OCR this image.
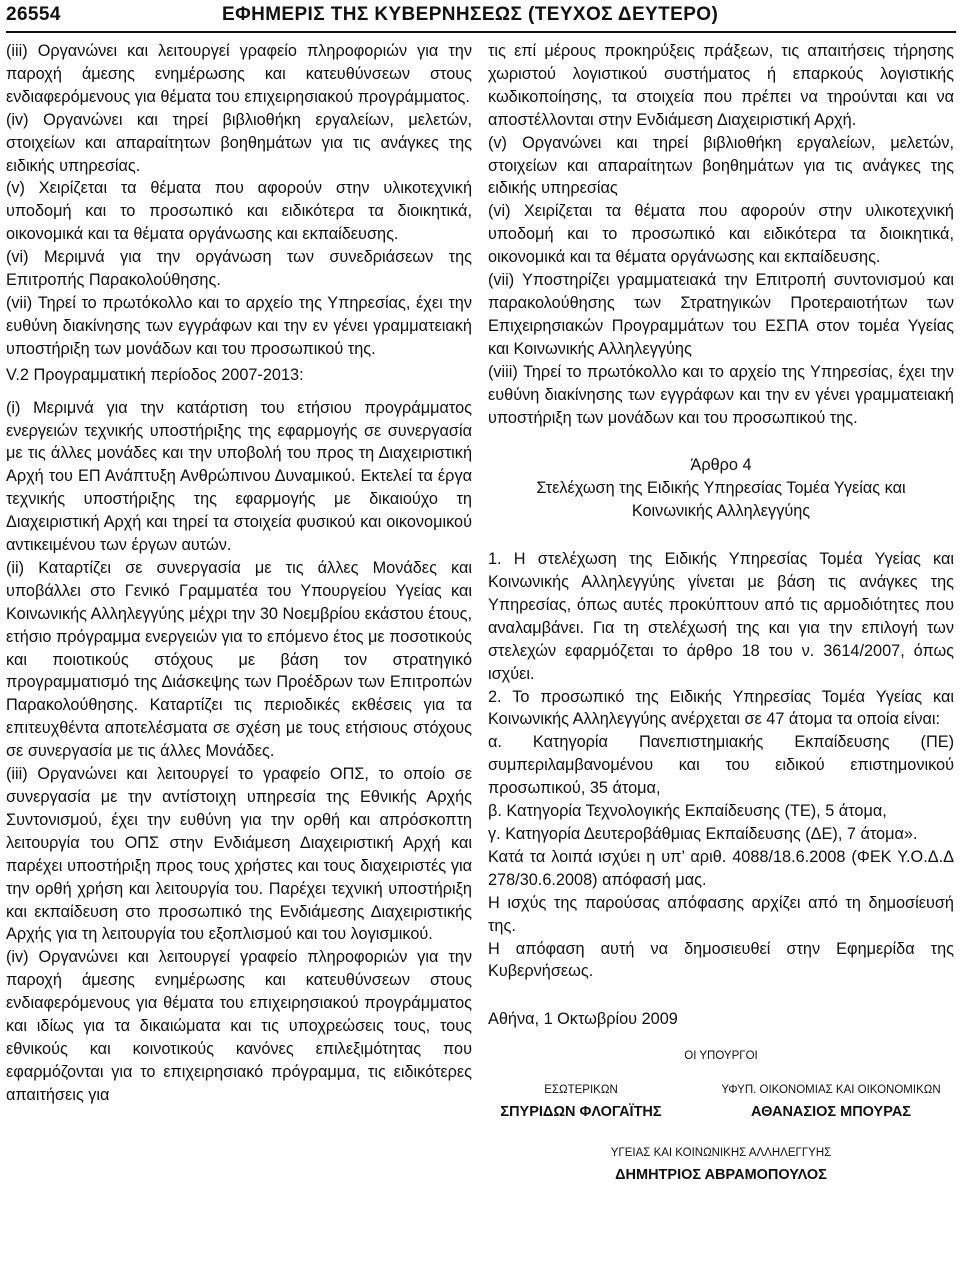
26554	ΕΦΗΜΕΡΙΣ ΤΗΣ ΚΥΒΕΡΝΗΣΕΩΣ (ΤΕΥΧΟΣ ΔΕΥΤΕΡΟ)

(iii) Οργανώνει και λειτουργεί γραφείο πληροφοριών για την παροχή άμεσης ενημέρωσης και κατευθύνσεων στους ενδιαφερόμενους για θέματα του επιχειρησιακού προγράμματος.

(iv) Οργανώνει και τηρεί βιβλιοθήκη εργαλείων, μελετών, στοιχείων και απαραίτητων βοηθημάτων για τις ανάγκες της ειδικής υπηρεσίας.

(v) Χειρίζεται τα θέματα που αφορούν στην υλικοτεχνική υποδομή και το προσωπικό και ειδικότερα τα διοικητικά, οικονομικά και τα θέματα οργάνωσης και εκπαίδευσης.

(vi) Μεριμνά για την οργάνωση των συνεδριάσεων της Επιτροπής Παρακολούθησης.

(vii) Τηρεί το πρωτόκολλο και το αρχείο της Υπηρεσίας, έχει την ευθύνη διακίνησης των εγγράφων και την εν γένει γραμματειακή υποστήριξη των μονάδων και του προσωπικού της.

V.2 Προγραμματική περίοδος 2007-2013:

(i) Μεριμνά για την κατάρτιση του ετήσιου προγράμματος ενεργειών τεχνικής υποστήριξης της εφαρμογής σε συνεργασία με τις άλλες μονάδες και την υποβολή του προς τη Διαχειριστική Αρχή του ΕΠ Ανάπτυξη Ανθρώπινου Δυναμικού. Εκτελεί τα έργα τεχνικής υποστήριξης της εφαρμογής με δικαιούχο τη Διαχειριστική Αρχή και τηρεί τα στοιχεία φυσικού και οικονομικού αντικειμένου των έργων αυτών.

(ii) Καταρτίζει σε συνεργασία με τις άλλες Μονάδες και υποβάλλει στο Γενικό Γραμματέα του Υπουργείου Υγείας και Κοινωνικής Αλληλεγγύης μέχρι την 30 Νοεμβρίου εκάστου έτους, ετήσιο πρόγραμμα ενεργειών για το επόμενο έτος με ποσοτικούς και ποιοτικούς στόχους με βάση τον στρατηγικό προγραμματισμό της Διάσκεψης των Προέδρων των Επιτροπών Παρακολούθησης. Καταρτίζει τις περιοδικές εκθέσεις για τα επιτευχθέντα αποτελέσματα σε σχέση με τους ετήσιους στόχους σε συνεργασία με τις άλλες Μονάδες.

(iii) Οργανώνει και λειτουργεί το γραφείο ΟΠΣ, το οποίο σε συνεργασία με την αντίστοιχη υπηρεσία της Εθνικής Αρχής Συντονισμού, έχει την ευθύνη για την ορθή και απρόσκοπτη λειτουργία του ΟΠΣ στην Ενδιάμεση Διαχειριστική Αρχή και παρέχει υποστήριξη προς τους χρήστες και τους διαχειριστές για την ορθή χρήση και λειτουργία του. Παρέχει τεχνική υποστήριξη και εκπαίδευση στο προσωπικό της Ενδιάμεσης Διαχειριστικής Αρχής για τη λειτουργία του εξοπλισμού και του λογισμικού.

(iv) Οργανώνει και λειτουργεί γραφείο πληροφοριών για την παροχή άμεσης ενημέρωσης και κατευθύνσεων στους ενδιαφερόμενους για θέματα του επιχειρησιακού προγράμματος και ιδίως για τα δικαιώματα και τις υποχρεώσεις τους, τους εθνικούς και κοινοτικούς κανόνες επιλεξιμότητας που εφαρμόζονται για το επιχειρησιακό πρόγραμμα, τις ειδικότερες απαιτήσεις για

τις επί μέρους προκηρύξεις πράξεων, τις απαιτήσεις τήρησης χωριστού λογιστικού συστήματος ή επαρκούς λογιστικής κωδικοποίησης, τα στοιχεία που πρέπει να τηρούνται και να αποστέλλονται στην Ενδιάμεση Διαχειριστική Αρχή.

(v) Οργανώνει και τηρεί βιβλιοθήκη εργαλείων, μελετών, στοιχείων και απαραίτητων βοηθημάτων για τις ανάγκες της ειδικής υπηρεσίας

(vi) Χειρίζεται τα θέματα που αφορούν στην υλικοτεχνική υποδομή και το προσωπικό και ειδικότερα τα διοικητικά, οικονομικά και τα θέματα οργάνωσης και εκπαίδευσης.

(vii) Υποστηρίζει γραμματειακά την Επιτροπή συντονισμού και παρακολούθησης των Στρατηγικών Προτεραιοτήτων των Επιχειρησιακών Προγραμμάτων του ΕΣΠΑ στον τομέα Υγείας και Κοινωνικής Αλληλεγγύης

(viii) Τηρεί το πρωτόκολλο και το αρχείο της Υπηρεσίας, έχει την ευθύνη διακίνησης των εγγράφων και την εν γένει γραμματειακή υποστήριξη των μονάδων και του προσωπικού της.

Άρθρο 4

Στελέχωση της Ειδικής Υπηρεσίας Τομέα Υγείας και

Κοινωνικής Αλληλεγγύης

1. Η στελέχωση της Ειδικής Υπηρεσίας Τομέα Υγείας και Κοινωνικής Αλληλεγγύης γίνεται με βάση τις ανάγκες της Υπηρεσίας, όπως αυτές προκύπτουν από τις αρμοδιότητες που αναλαμβάνει. Για τη στελέχωσή της και για την επιλογή των στελεχών εφαρμόζεται το άρθρο 18 του ν. 3614/2007, όπως ισχύει.

2. Το προσωπικό της Ειδικής Υπηρεσίας Τομέα Υγείας και Κοινωνικής Αλληλεγγύης ανέρχεται σε 47 άτομα τα οποία είναι:

α. Κατηγορία Πανεπιστημιακής Εκπαίδευσης (ΠΕ) συμπεριλαμβανομένου και του ειδικού επιστημονικού προσωπικού, 35 άτομα,

β. Κατηγορία Τεχνολογικής Εκπαίδευσης (ΤΕ), 5 άτομα,

γ. Κατηγορία Δευτεροβάθμιας Εκπαίδευσης (ΔΕ), 7 άτομα».

Κατά τα λοιπά ισχύει η υπ’ αριθ. 4088/18.6.2008 (ΦΕΚ Υ.Ο.Δ.Δ 278/30.6.2008) απόφασή μας.

Η ισχύς της παρούσας απόφασης αρχίζει από τη δημοσίευσή της.

Η απόφαση αυτή να δημοσιευθεί στην Εφημερίδα της Κυβερνήσεως.

Αθήνα, 1 Οκτωβρίου 2009

ΟΙ ΥΠΟΥΡΓΟΙ
ΕΣΩΤΕΡΙΚΩΝ	ΥΦΥΠ. ΟΙΚΟΝΟΜΙΑΣ ΚΑΙ ΟΙΚΟΝΟΜΙΚΩΝ
ΣΠΥΡΙΔΩΝ ΦΛΟΓΑΪΤΗΣ	ΑΘΑΝΑΣΙΟΣ ΜΠΟΥΡΑΣ
ΥΓΕΙΑΣ ΚΑΙ ΚΟΙΝΩΝΙΚΗΣ ΑΛΛΗΛΕΓΓΥΗΣ
ΔΗΜΗΤΡΙΟΣ ΑΒΡΑΜΟΠΟΥΛΟΣ
